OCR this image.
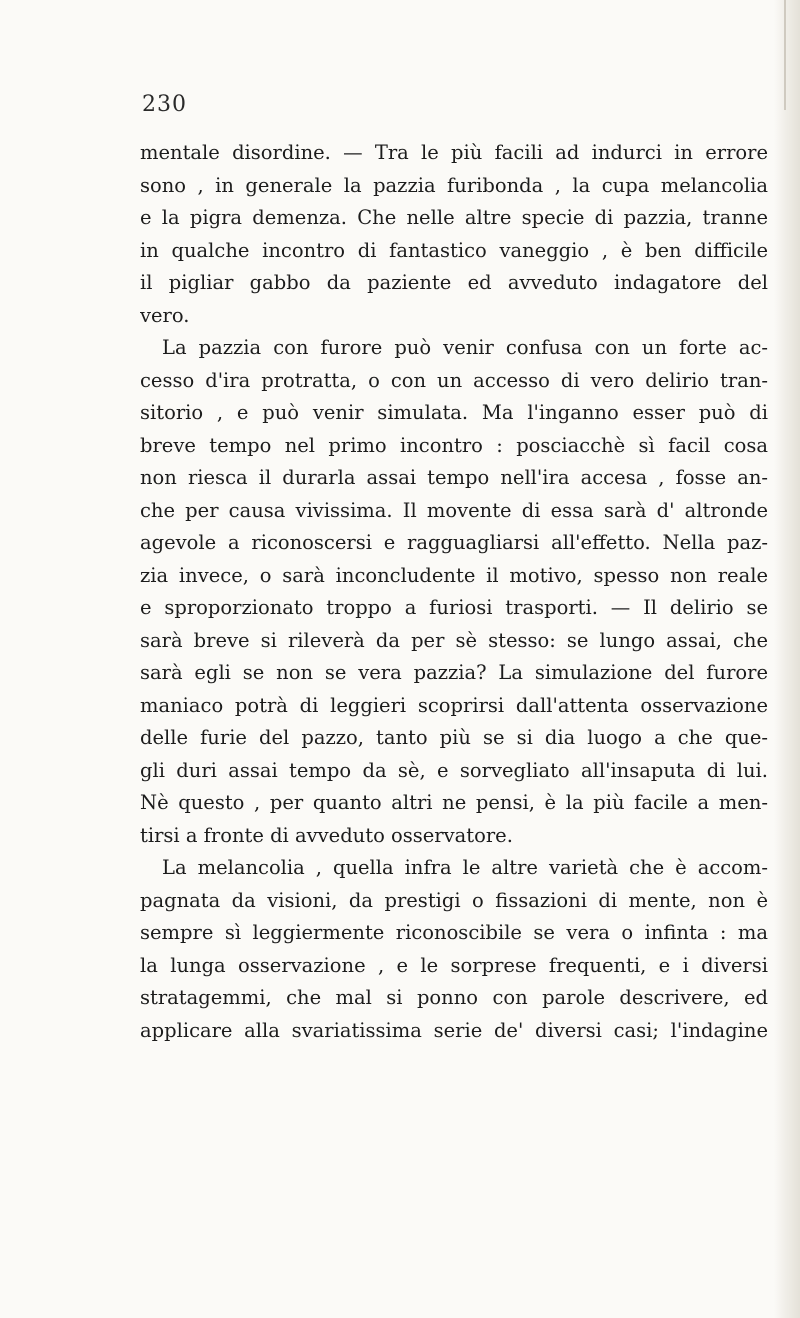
230
mentale disordine. — Tra le più facili ad indurci in errore
sono , in generale la pazzia furibonda , la cupa melancolia
e la pigra demenza. Che nelle altre specie di pazzia, tranne
in qualche incontro di fantastico vaneggio , è ben difficile
il pigliar gabbo da paziente ed avveduto indagatore del
vero.
La pazzia con furore può venir confusa con un forte ac-
cesso d'ira protratta, o con un accesso di vero delirio tran-
sitorio , e può venir simulata. Ma l'inganno esser può di
breve tempo nel primo incontro : posciacchè sì facil cosa
non riesca il durarla assai tempo nell'ira accesa , fosse an-
che per causa vivissima. Il movente di essa sarà d' altronde
agevole a riconoscersi e ragguagliarsi all'effetto. Nella paz-
zia invece, o sarà inconcludente il motivo, spesso non reale
e sproporzionato troppo a furiosi trasporti. — Il delirio se
sarà breve si rileverà da per sè stesso: se lungo assai, che
sarà egli se non se vera pazzia? La simulazione del furore
maniaco potrà di leggieri scoprirsi dall'attenta osservazione
delle furie del pazzo, tanto più se si dia luogo a che que-
gli duri assai tempo da sè, e sorvegliato all'insaputa di lui.
Nè questo , per quanto altri ne pensi, è la più facile a men-
tirsi a fronte di avveduto osservatore.
La melancolia , quella infra le altre varietà che è accom-
pagnata da visioni, da prestigi o fissazioni di mente, non è
sempre sì leggiermente riconoscibile se vera o infinta : ma
la lunga osservazione , e le sorprese frequenti, e i diversi
stratagemmi, che mal si ponno con parole descrivere, ed
applicare alla svariatissima serie de' diversi casi; l'indagine
